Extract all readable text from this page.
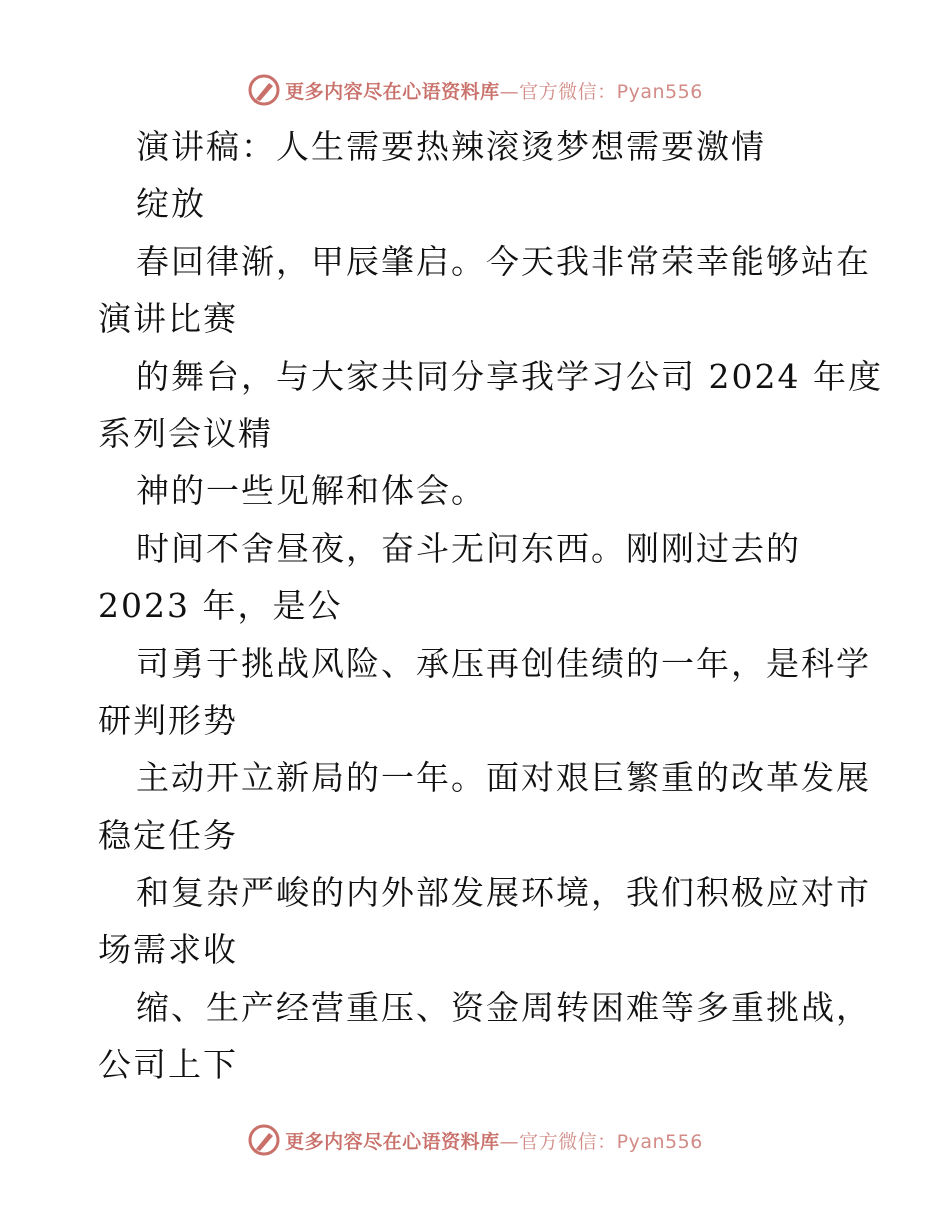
更多内容尽在心语资料库—官方微信：Pyan556
演讲稿：人生需要热辣滚烫梦想需要激情
绽放
春回律渐，甲辰肇启。今天我非常荣幸能够站在
演讲比赛
的舞台，与大家共同分享我学习公司 2024 年度
系列会议精
神的一些见解和体会。
时间不舍昼夜，奋斗无问东西。刚刚过去的
2023 年，是公
司勇于挑战风险、承压再创佳绩的一年，是科学
研判形势
主动开立新局的一年。面对艰巨繁重的改革发展
稳定任务
和复杂严峻的内外部发展环境，我们积极应对市
场需求收
缩、生产经营重压、资金周转困难等多重挑战，
公司上下
更多内容尽在心语资料库—官方微信：Pyan556
